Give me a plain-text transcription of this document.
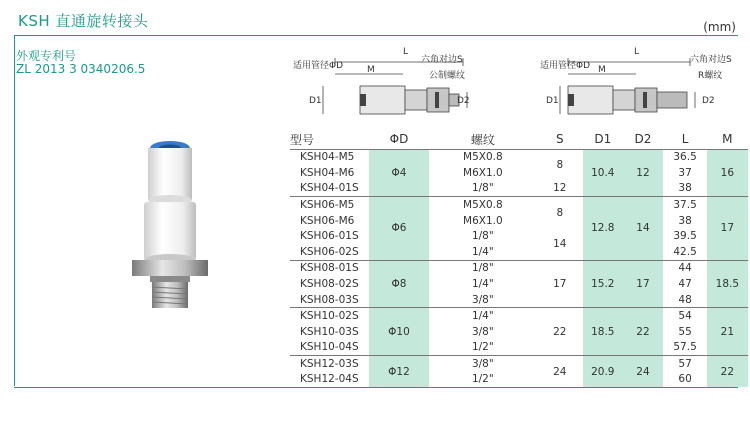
KSH 直通旋转接头	(mm)
外观专利号
ZL 2013 3 0340206.5	适用管径ΦD
L
M
六角对边S
公制螺纹
D1	D2
适用管径ΦD
L
M
六角对边S
R螺纹
D1	D2
型号	ΦD	螺纹	S	D1	D2	L	M
KSH04-M5	Φ4	M5X0.8	8	10.4	12	36.5	16
KSH04-M6		M6X1.0				37	
KSH04-01S		1/8"	12			38	
KSH06-M5	Φ6	M5X0.8	8	12.8	14	37.5	17
KSH06-M6		M6X1.0				38	
KSH06-01S		1/8"	14			39.5	
KSH06-02S		1/4"				42.5	
KSH08-01S	Φ8	1/8"	17	15.2	17	44	18.5
KSH08-02S		1/4"				47	
KSH08-03S		3/8"				48	
KSH10-02S	Φ10	1/4"	22	18.5	22	54	21
KSH10-03S		3/8"				55	
KSH10-04S		1/2"				57.5	
KSH12-03S	Φ12	3/8"	24	20.9	24	57	22
KSH12-04S		1/2"				60	
